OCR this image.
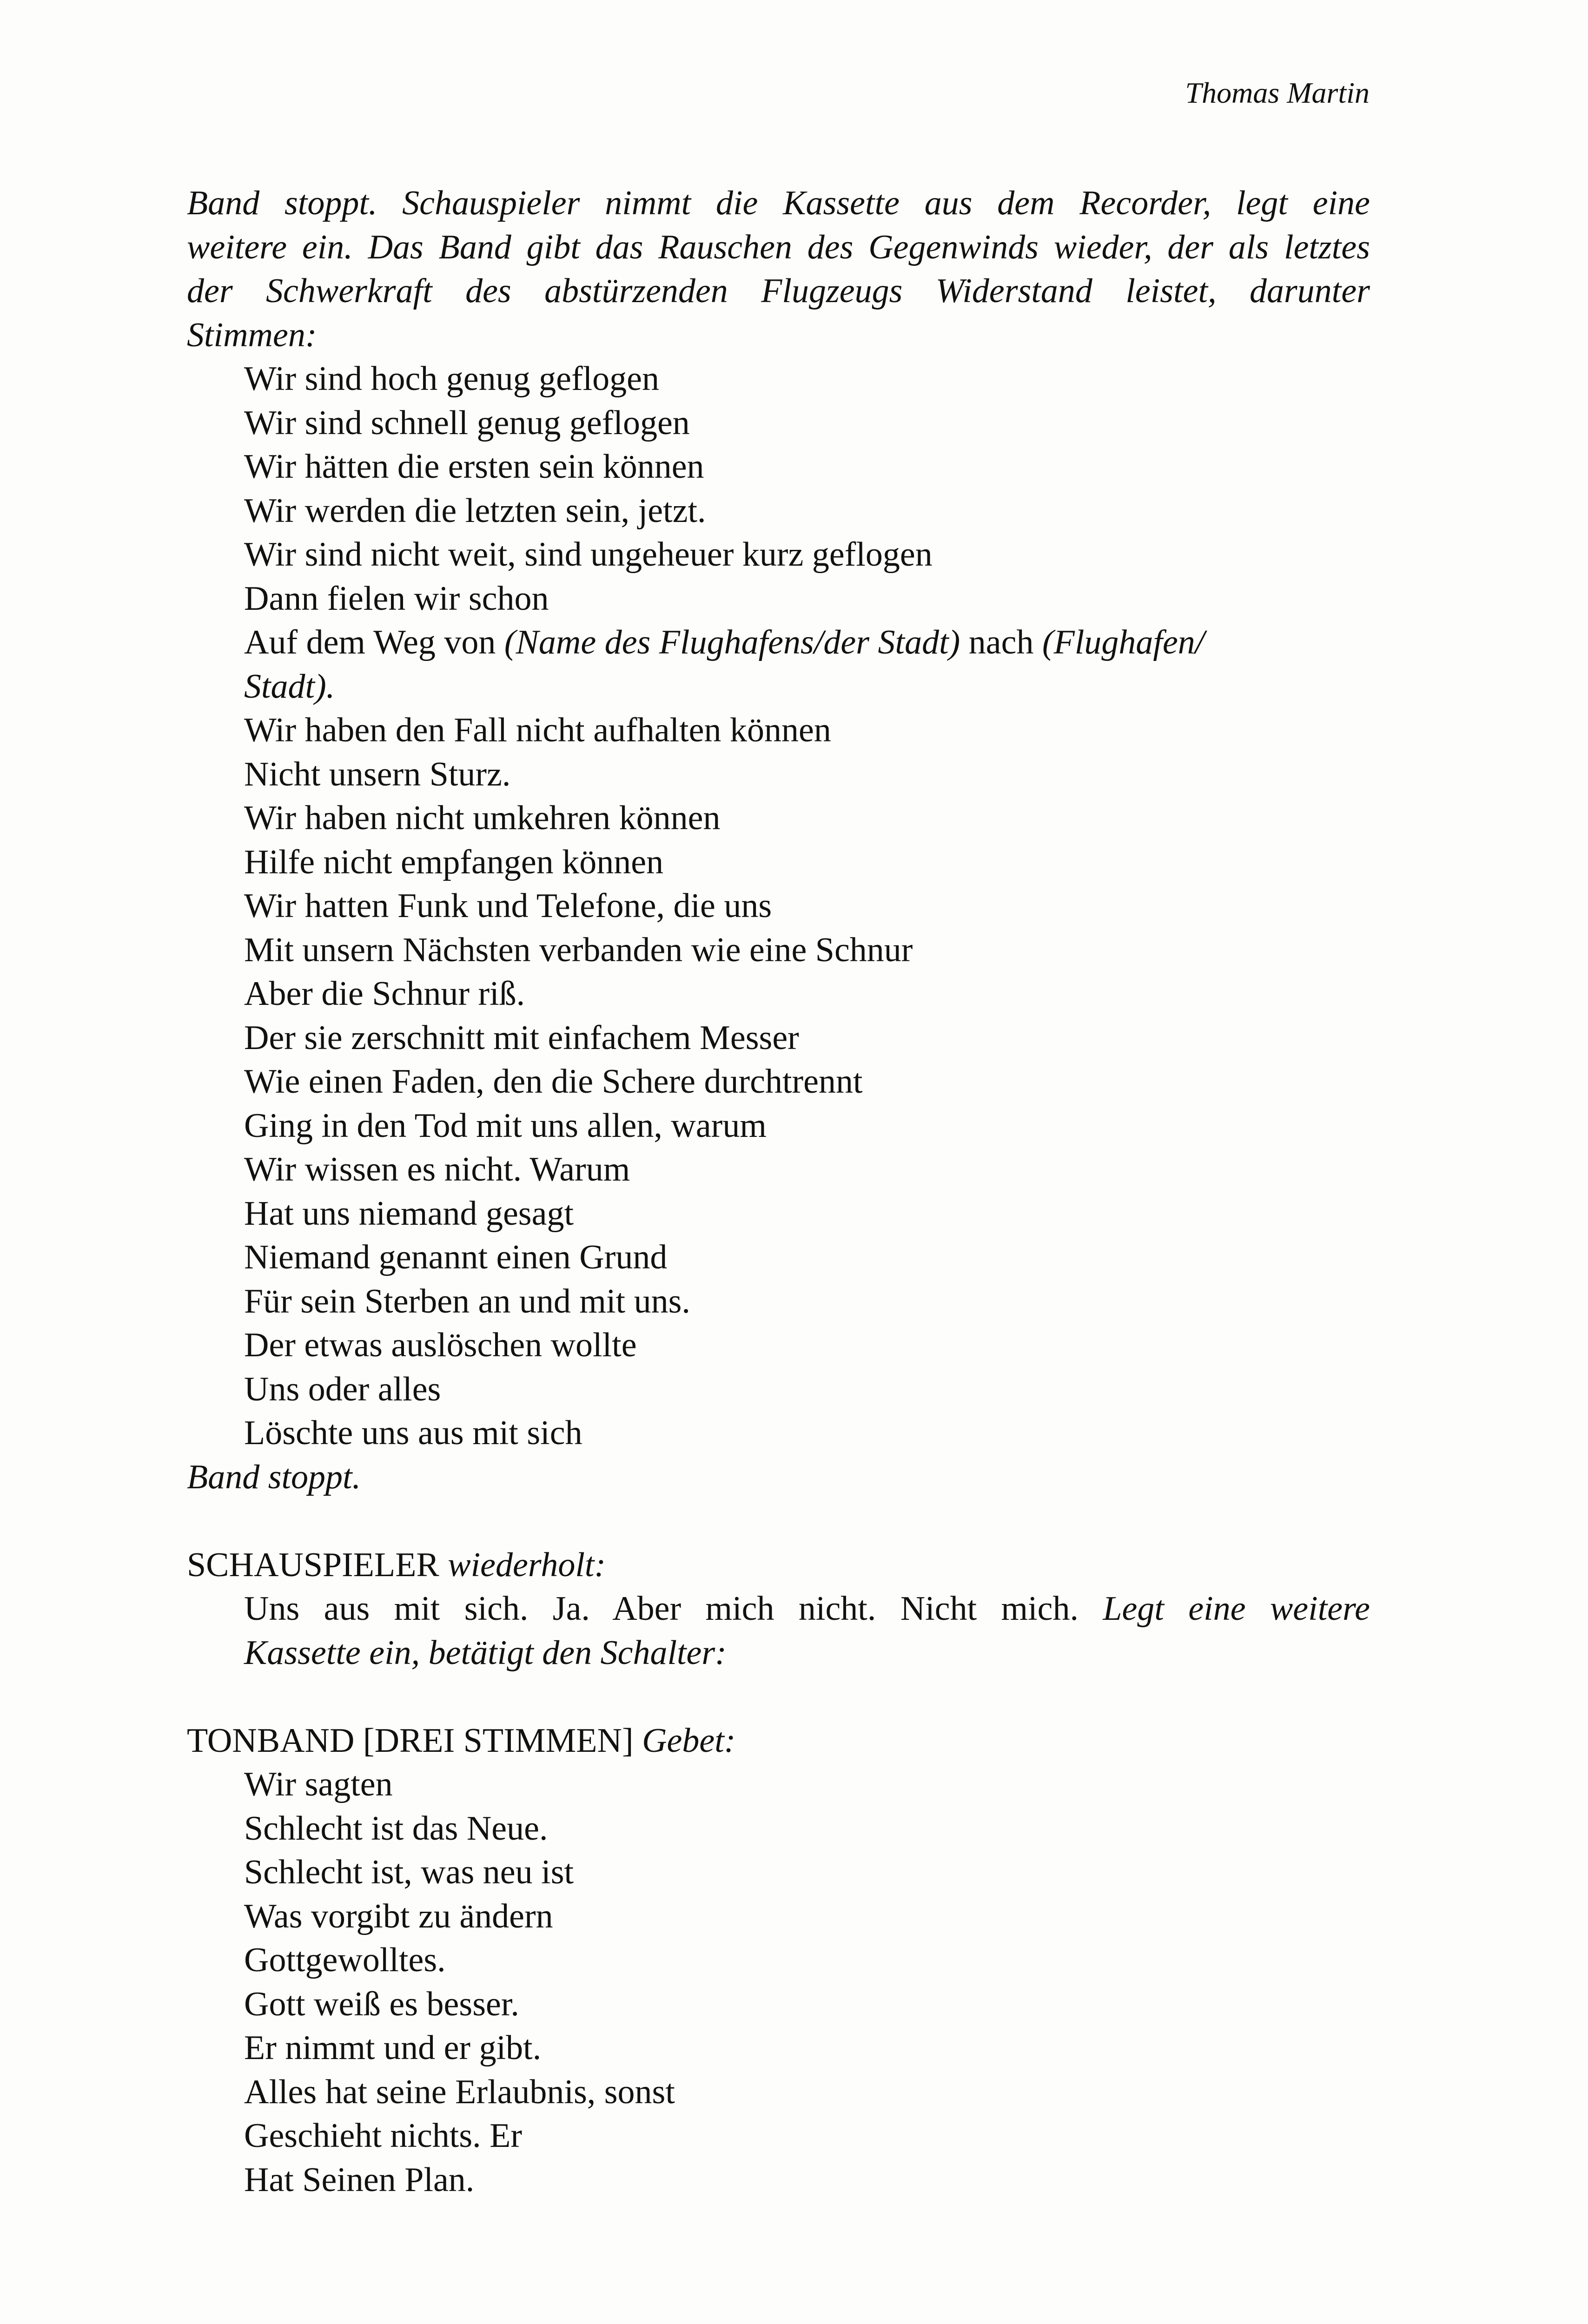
Thomas Martin
Band stoppt. Schauspieler nimmt die Kassette aus dem Recorder, legt eine
weitere ein. Das Band gibt das Rauschen des Gegenwinds wieder, der als letztes
der Schwerkraft des abstürzenden Flugzeugs Widerstand leistet, darunter
Stimmen:
Wir sind hoch genug geflogen
Wir sind schnell genug geflogen
Wir hätten die ersten sein können
Wir werden die letzten sein, jetzt.
Wir sind nicht weit, sind ungeheuer kurz geflogen
Dann fielen wir schon
Auf dem Weg von (Name des Flughafens/der Stadt) nach (Flughafen/
Stadt).
Wir haben den Fall nicht aufhalten können
Nicht unsern Sturz.
Wir haben nicht umkehren können
Hilfe nicht empfangen können
Wir hatten Funk und Telefone, die uns
Mit unsern Nächsten verbanden wie eine Schnur
Aber die Schnur riß.
Der sie zerschnitt mit einfachem Messer
Wie einen Faden, den die Schere durchtrennt
Ging in den Tod mit uns allen, warum
Wir wissen es nicht. Warum
Hat uns niemand gesagt
Niemand genannt einen Grund
Für sein Sterben an und mit uns.
Der etwas auslöschen wollte
Uns oder alles
Löschte uns aus mit sich
Band stoppt.
SCHAUSPIELER wiederholt:
Uns aus mit sich. Ja. Aber mich nicht. Nicht mich. Legt eine weitere
Kassette ein, betätigt den Schalter:
TONBAND [DREI STIMMEN] Gebet:
Wir sagten
Schlecht ist das Neue.
Schlecht ist, was neu ist
Was vorgibt zu ändern
Gottgewolltes.
Gott weiß es besser.
Er nimmt und er gibt.
Alles hat seine Erlaubnis, sonst
Geschieht nichts. Er
Hat Seinen Plan.
